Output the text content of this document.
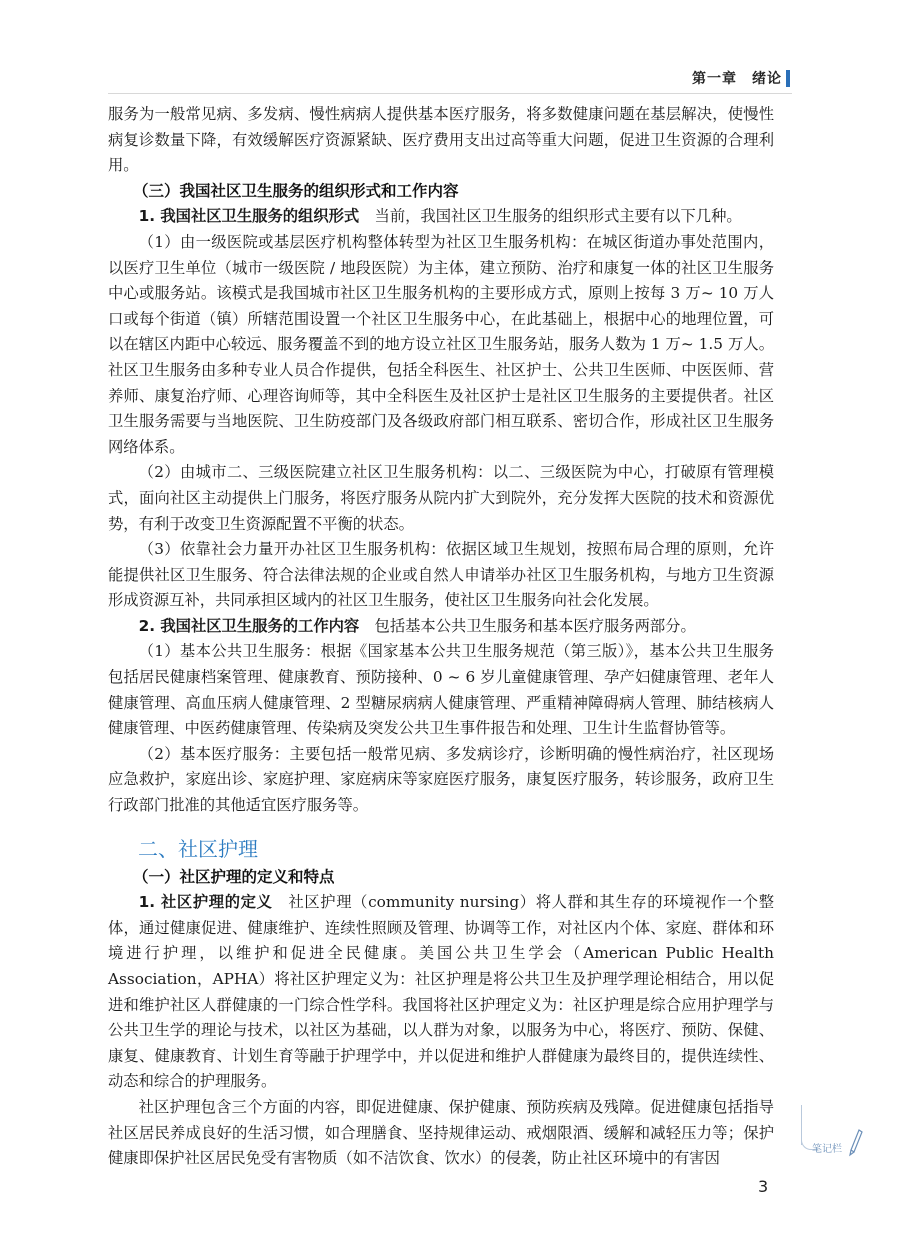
第一章　绪论

服务为一般常见病、多发病、慢性病病人提供基本医疗服务，将多数健康问题在基层解决，使慢性病复诊数量下降，有效缓解医疗资源紧缺、医疗费用支出过高等重大问题，促进卫生资源的合理利用。

（三）我国社区卫生服务的组织形式和工作内容

1. 我国社区卫生服务的组织形式　当前，我国社区卫生服务的组织形式主要有以下几种。

（1）由一级医院或基层医疗机构整体转型为社区卫生服务机构：在城区街道办事处范围内，以医疗卫生单位（城市一级医院 / 地段医院）为主体，建立预防、治疗和康复一体的社区卫生服务中心或服务站。该模式是我国城市社区卫生服务机构的主要形成方式，原则上按每 3 万~ 10 万人口或每个街道（镇）所辖范围设置一个社区卫生服务中心，在此基础上，根据中心的地理位置，可以在辖区内距中心较远、服务覆盖不到的地方设立社区卫生服务站，服务人数为 1 万~ 1.5 万人。社区卫生服务由多种专业人员合作提供，包括全科医生、社区护士、公共卫生医师、中医医师、营养师、康复治疗师、心理咨询师等，其中全科医生及社区护士是社区卫生服务的主要提供者。社区卫生服务需要与当地医院、卫生防疫部门及各级政府部门相互联系、密切合作，形成社区卫生服务网络体系。

（2）由城市二、三级医院建立社区卫生服务机构：以二、三级医院为中心，打破原有管理模式，面向社区主动提供上门服务，将医疗服务从院内扩大到院外，充分发挥大医院的技术和资源优势，有利于改变卫生资源配置不平衡的状态。

（3）依靠社会力量开办社区卫生服务机构：依据区域卫生规划，按照布局合理的原则，允许能提供社区卫生服务、符合法律法规的企业或自然人申请举办社区卫生服务机构，与地方卫生资源形成资源互补，共同承担区域内的社区卫生服务，使社区卫生服务向社会化发展。

2. 我国社区卫生服务的工作内容　包括基本公共卫生服务和基本医疗服务两部分。

（1）基本公共卫生服务：根据《国家基本公共卫生服务规范（第三版）》，基本公共卫生服务包括居民健康档案管理、健康教育、预防接种、0 ~ 6 岁儿童健康管理、孕产妇健康管理、老年人健康管理、高血压病人健康管理、2 型糖尿病病人健康管理、严重精神障碍病人管理、肺结核病人健康管理、中医药健康管理、传染病及突发公共卫生事件报告和处理、卫生计生监督协管等。

（2）基本医疗服务：主要包括一般常见病、多发病诊疗，诊断明确的慢性病治疗，社区现场应急救护，家庭出诊、家庭护理、家庭病床等家庭医疗服务，康复医疗服务，转诊服务，政府卫生行政部门批准的其他适宜医疗服务等。

二、社区护理
（一）社区护理的定义和特点

1. 社区护理的定义　社区护理（community nursing）将人群和其生存的环境视作一个整体，通过健康促进、健康维护、连续性照顾及管理、协调等工作，对社区内个体、家庭、群体和环境进行护理，以维护和促进全民健康。美国公共卫生学会（American Public Health Association，APHA）将社区护理定义为：社区护理是将公共卫生及护理学理论相结合，用以促进和维护社区人群健康的一门综合性学科。我国将社区护理定义为：社区护理是综合应用护理学与公共卫生学的理论与技术，以社区为基础，以人群为对象，以服务为中心，将医疗、预防、保健、康复、健康教育、计划生育等融于护理学中，并以促进和维护人群健康为最终目的，提供连续性、动态和综合的护理服务。

社区护理包含三个方面的内容，即促进健康、保护健康、预防疾病及残障。促进健康包括指导社区居民养成良好的生活习惯，如合理膳食、坚持规律运动、戒烟限酒、缓解和减轻压力等；保护健康即保护社区居民免受有害物质（如不洁饮食、饮水）的侵袭，防止社区环境中的有害因	笔记栏
3
